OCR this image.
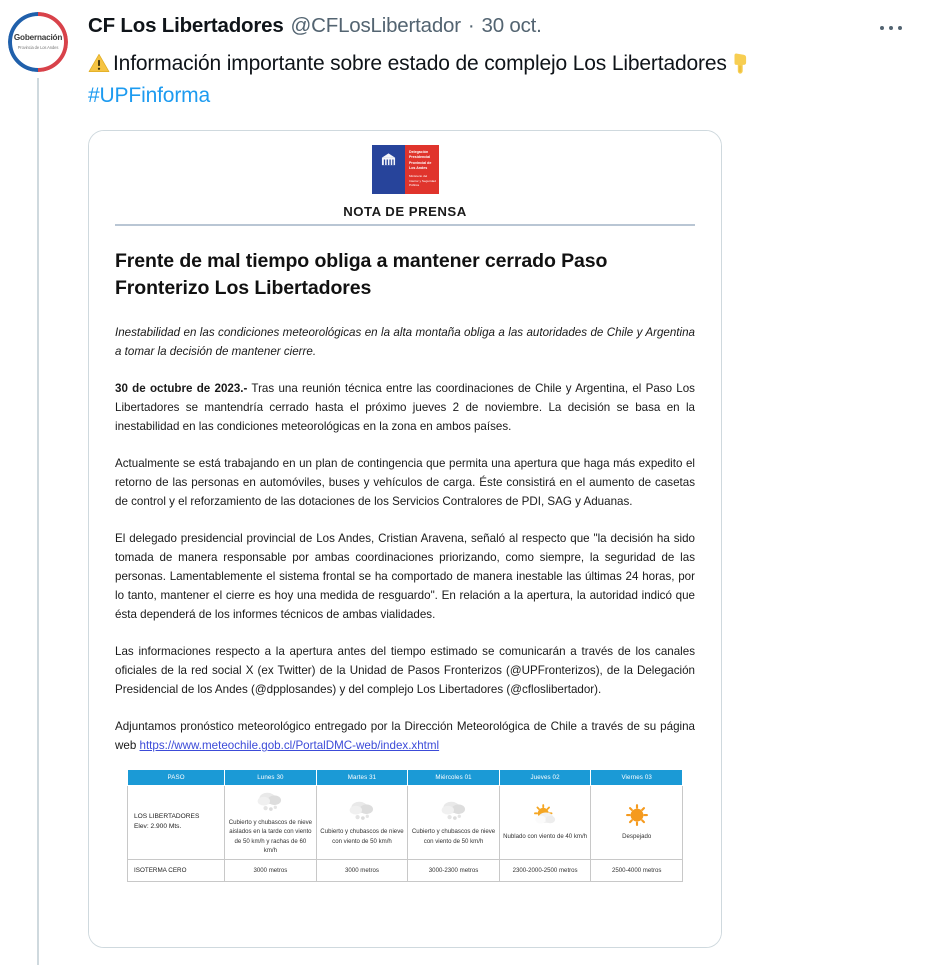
Gobernación
Provincia de Los Andes
CF Los Libertadores @CFLosLibertador · 30 oct.
Información importante sobre estado de complejo Los Libertadores

#UPFinforma
Delegación Presidencial Provincial de Los Andes
Ministerio del Interior y Seguridad Pública
NOTA DE PRENSA
Frente de mal tiempo obliga a mantener cerrado Paso
Fronterizo Los Libertadores
Inestabilidad en las condiciones meteorológicas en la alta montaña obliga a las autoridades de Chile y Argentina a tomar la decisión de mantener cierre.
30 de octubre de 2023.- Tras una reunión técnica entre las coordinaciones de Chile y Argentina, el Paso Los Libertadores se mantendría cerrado hasta el próximo jueves 2 de noviembre. La decisión se basa en la inestabilidad en las condiciones meteorológicas en la zona en ambos países.
Actualmente se está trabajando en un plan de contingencia que permita una apertura que haga más expedito el retorno de las personas en automóviles, buses y vehículos de carga. Éste consistirá en el aumento de casetas de control y el reforzamiento de las dotaciones de los Servicios Contralores de PDI, SAG y Aduanas.
El delegado presidencial provincial de Los Andes, Cristian Aravena, señaló al respecto que "la decisión ha sido tomada de manera responsable por ambas coordinaciones priorizando, como siempre, la seguridad de las personas. Lamentablemente el sistema frontal se ha comportado de manera inestable las últimas 24 horas, por lo tanto, mantener el cierre es hoy una medida de resguardo". En relación a la apertura, la autoridad indicó que ésta dependerá de los informes técnicos de ambas vialidades.
Las informaciones respecto a la apertura antes del tiempo estimado se comunicarán a través de los canales oficiales de la red social X (ex Twitter) de la Unidad de Pasos Fronterizos (@UPFronterizos), de la Delegación Presidencial de los Andes (@dpplosandes) y del complejo Los Libertadores (@cfloslibertador).
Adjuntamos pronóstico meteorológico entregado por la Dirección Meteorológica de Chile a través de su página web https://www.meteochile.gob.cl/PortalDMC-web/index.xhtml
PASO	Lunes 30	Martes 31	Miércoles 01	Jueves 02	Viernes 03

LOS LIBERTADORES
Elev: 2.900 Mts.	Cubierto y chubascos de nieve aislados en la tarde con viento de 50 km/h y rachas de 60 km/h	Cubierto y chubascos de nieve con viento de 50 km/h	Cubierto y chubascos de nieve con viento de 50 km/h	Nublado con viento de 40 km/h	Despejado
ISOTERMA CERO	3000 metros	3000 metros	3000-2300 metros	2300-2000-2500 metros	2500-4000 metros
